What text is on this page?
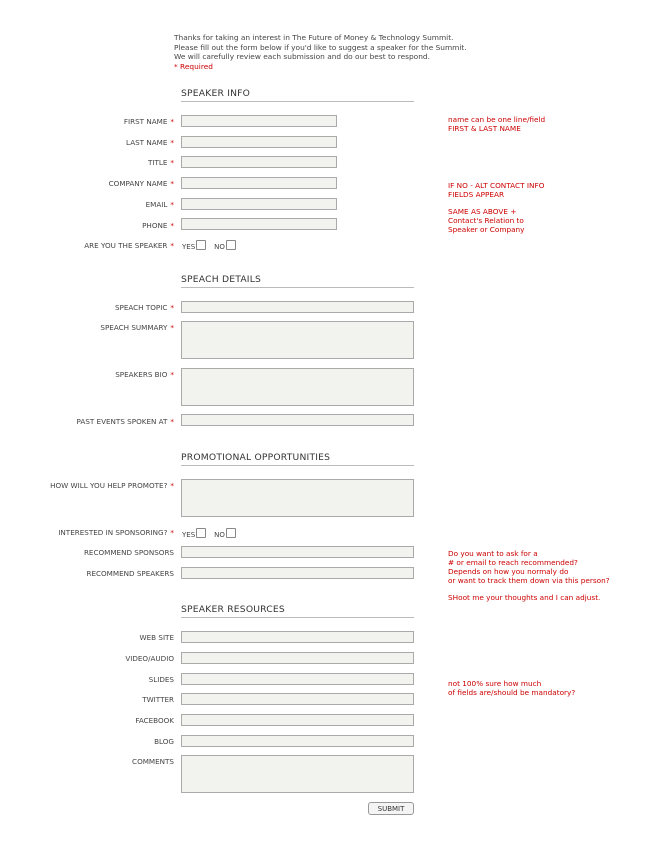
Thanks for taking an interest in The Future of Money & Technology Summit.
Please fill out the form below if you'd like to suggest a speaker for the Summit.
We will carefully review each submission and do our best to respond.
* Required
SPEAKER INFO
FIRST NAME *
LAST NAME *
TITLE *
COMPANY NAME *
EMAIL *
PHONE *
ARE YOU THE SPEAKER * YES	NO
SPEACH DETAILS
SPEACH TOPIC *
SPEACH SUMMARY *
SPEAKERS BIO *
PAST EVENTS SPOKEN AT *
PROMOTIONAL OPPORTUNITIES
HOW WILL YOU HELP PROMOTE? *
INTERESTED IN SPONSORING? * YES	NO
RECOMMEND SPONSORS
RECOMMEND SPEAKERS
SPEAKER RESOURCES
WEB SITE
VIDEO/AUDIO
SLIDES
TWITTER
FACEBOOK
BLOG
COMMENTS
SUBMIT
name can be one line/field
FIRST & LAST NAME
IF NO - ALT CONTACT INFO
FIELDS APPEAR
SAME AS ABOVE +
Contact's Relation to
Speaker or Company
Do you want to ask for a
# or email to reach recommended?
Depends on how you normaly do
or want to track them down via this person?
SHoot me your thoughts and I can adjust.
not 100% sure how much
of fields are/should be mandatory?
